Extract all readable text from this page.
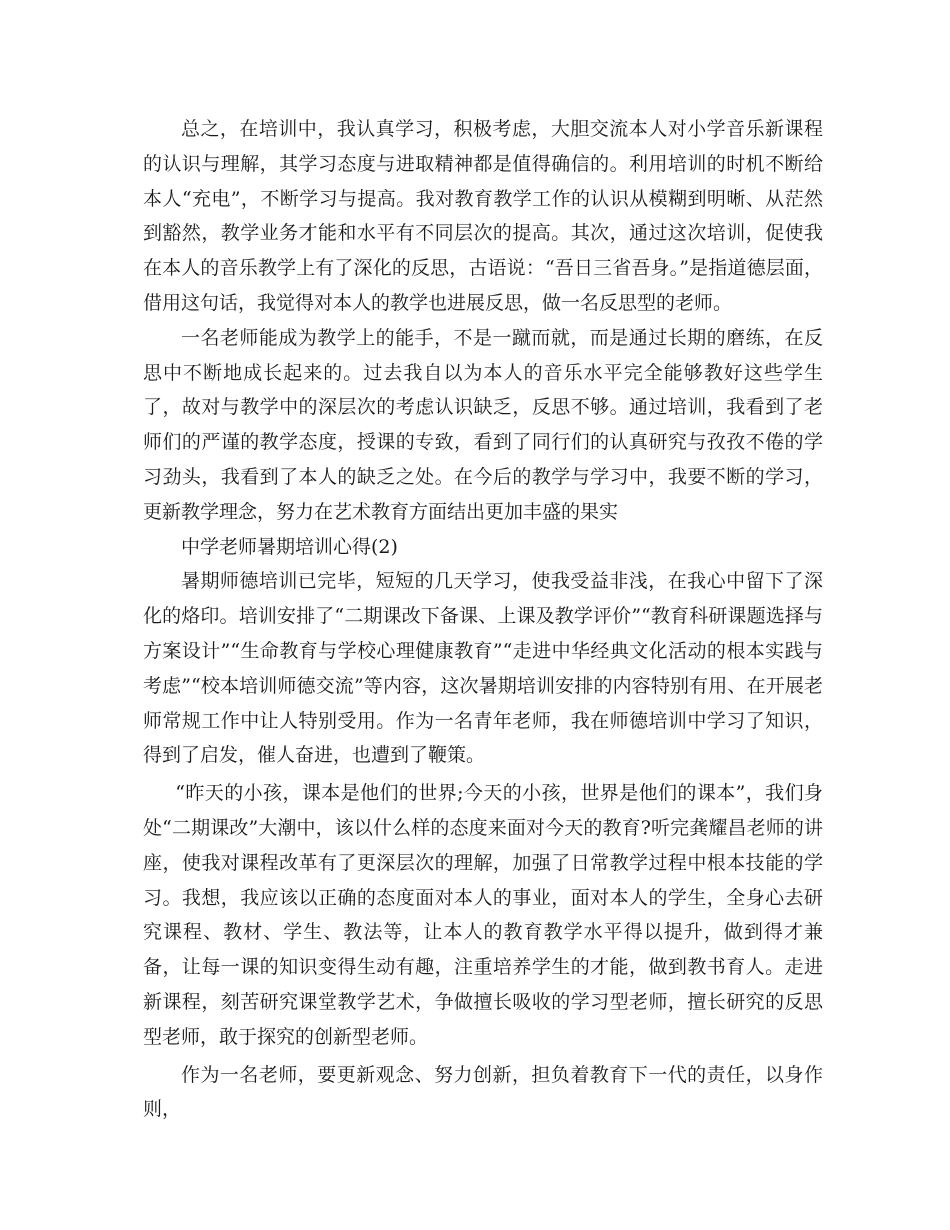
总之，在培训中，我认真学习，积极考虑，大胆交流本人对小学音乐新课程的认识与理解，其学习态度与进取精神都是值得确信的。利用培训的时机不断给本人“充电”，不断学习与提高。我对教育教学工作的认识从模糊到明晰、从茫然到豁然，教学业务才能和水平有不同层次的提高。其次，通过这次培训，促使我在本人的音乐教学上有了深化的反思，古语说：“吾日三省吾身。”是指道德层面，借用这句话，我觉得对本人的教学也进展反思，做一名反思型的老师。

一名老师能成为教学上的能手，不是一蹴而就，而是通过长期的磨练，在反思中不断地成长起来的。过去我自以为本人的音乐水平完全能够教好这些学生了，故对与教学中的深层次的考虑认识缺乏，反思不够。通过培训，我看到了老师们的严谨的教学态度，授课的专致，看到了同行们的认真研究与孜孜不倦的学习劲头，我看到了本人的缺乏之处。在今后的教学与学习中，我要不断的学习，更新教学理念，努力在艺术教育方面结出更加丰盛的果实

中学老师暑期培训心得(2)

暑期师德培训已完毕，短短的几天学习，使我受益非浅，在我心中留下了深化的烙印。培训安排了“二期课改下备课、上课及教学评价”“教育科研课题选择与方案设计”“生命教育与学校心理健康教育”“走进中华经典文化活动的根本实践与考虑”“校本培训师德交流”等内容，这次暑期培训安排的内容特别有用、在开展老师常规工作中让人特别受用。作为一名青年老师，我在师德培训中学习了知识，得到了启发，催人奋进，也遭到了鞭策。

“昨天的小孩，课本是他们的世界;今天的小孩，世界是他们的课本”，我们身处“二期课改”大潮中，该以什么样的态度来面对今天的教育?听完龚耀昌老师的讲座，使我对课程改革有了更深层次的理解，加强了日常教学过程中根本技能的学习。我想，我应该以正确的态度面对本人的事业，面对本人的学生，全身心去研究课程、教材、学生、教法等，让本人的教育教学水平得以提升，做到得才兼备，让每一课的知识变得生动有趣，注重培养学生的才能，做到教书育人。走进新课程，刻苦研究课堂教学艺术，争做擅长吸收的学习型老师，擅长研究的反思型老师，敢于探究的创新型老师。

作为一名老师，要更新观念、努力创新，担负着教育下一代的责任，以身作则，
